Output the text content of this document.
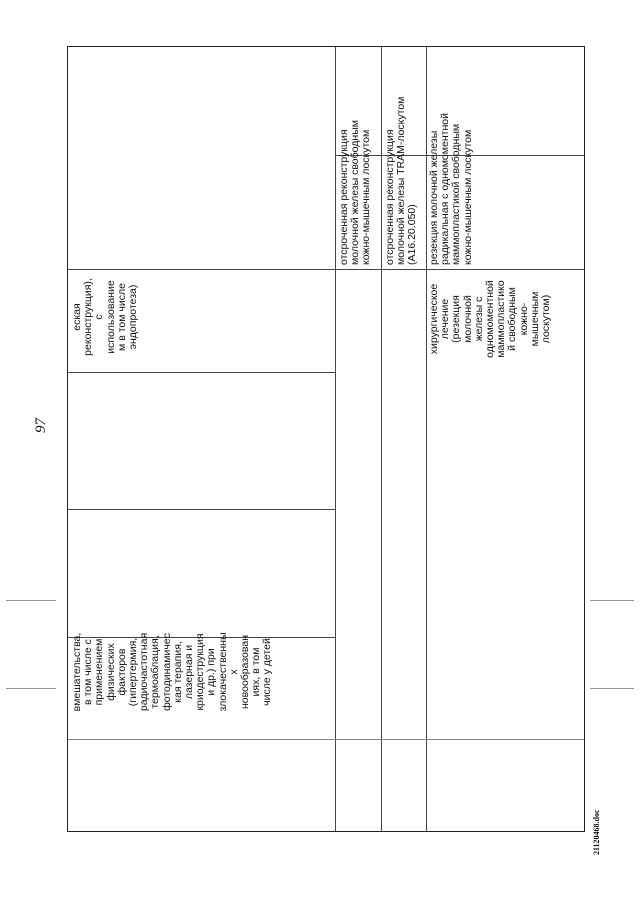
97
21120468.doc
вмешательства, в том числе с применением физических факторов (гипертермия, радиочастотная термоаблация, фотодинамичес кая терапия, лазерная и криодеструкция и др.) при злокачественны х новообразован иях, в том числе у детей
еская реконструкция), с использование м в том числе эндопротеза)
отсроченная реконструкция молочной железы свободным кожно-мышечным лоскутом отсроченная реконструкция молочной железы TRAM-лоскутом (A16.20.050)
хирургическое лечение (резекция молочной железы с одномоментной маммопластико й свободным кожно- мышечным лоскутом)
резекция молочной железы радикальная с одномоментной маммопластикой свободным кожно-мышечным лоскутом
